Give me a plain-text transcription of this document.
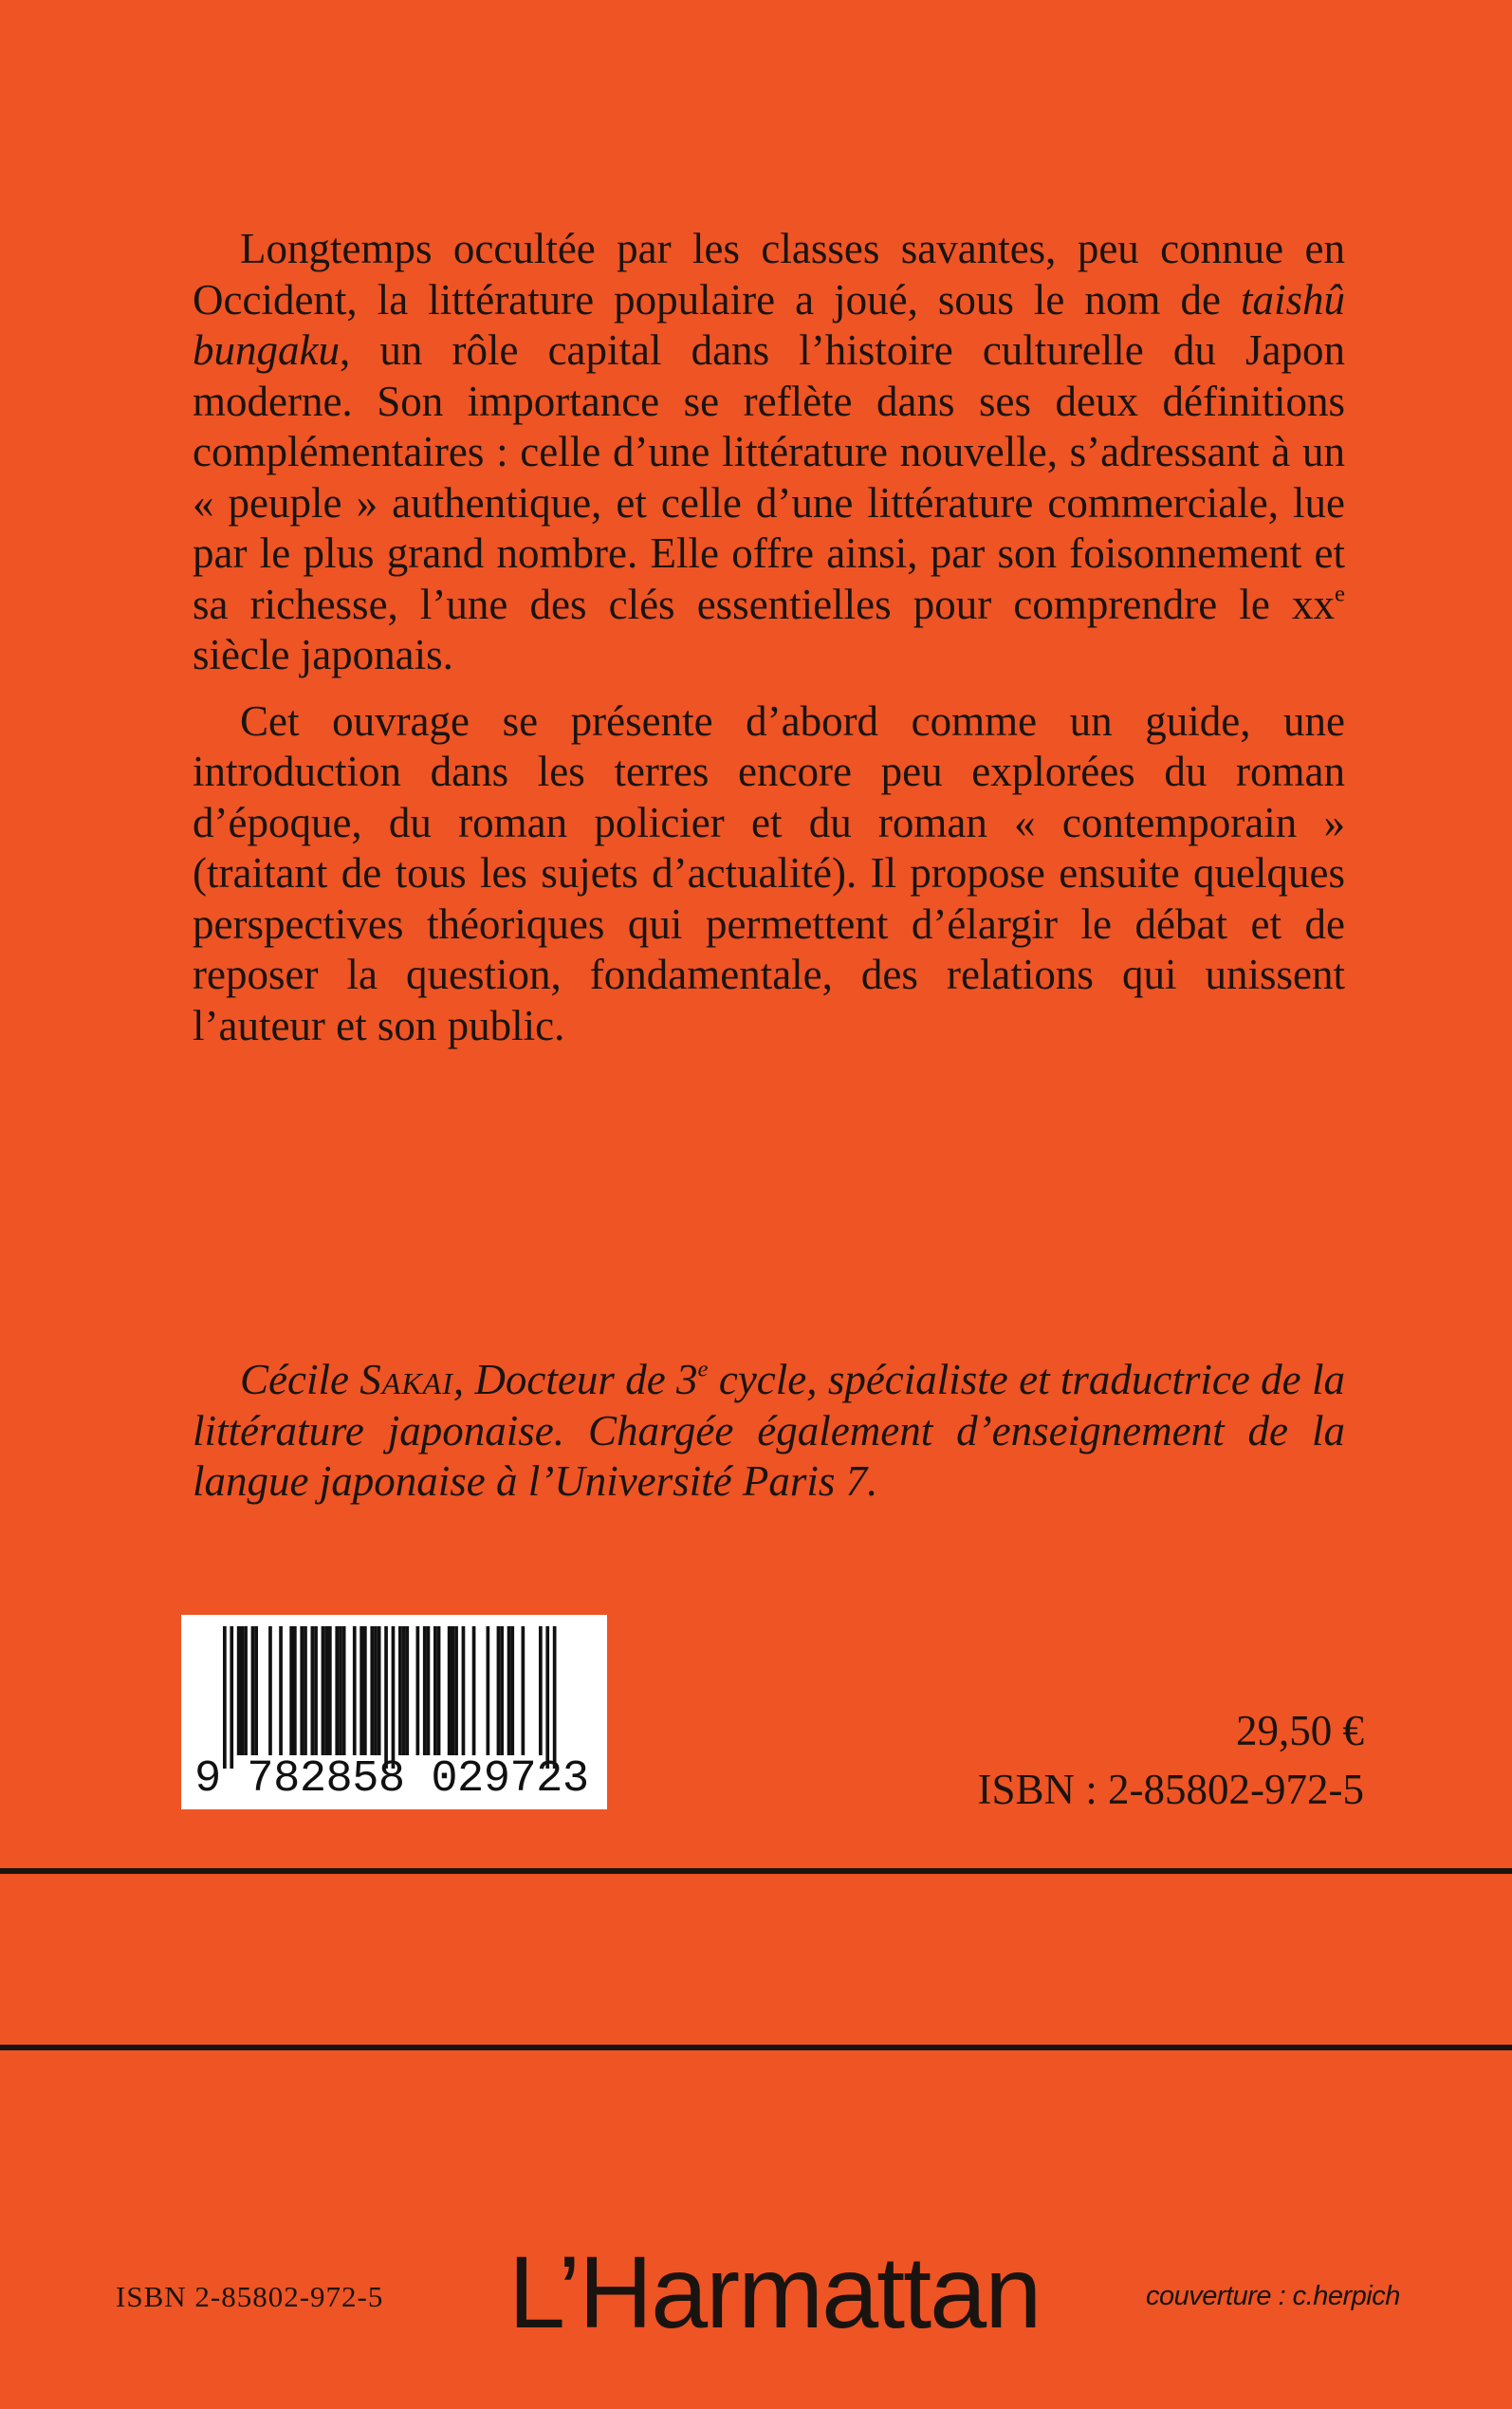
Longtemps occultée par les classes savantes, peu connue en Occident, la littérature populaire a joué, sous le nom de taishû bungaku, un rôle capital dans l’histoire culturelle du Japon moderne. Son importance se reflète dans ses deux définitions complémentaires : celle d’une littérature nouvelle, s’adressant à un « peuple » authentique, et celle d’une littérature commerciale, lue par le plus grand nombre. Elle offre ainsi, par son foisonnement et sa richesse, l’une des clés essentielles pour comprendre le $xx^e$ siècle japonais.

Cet ouvrage se présente d’abord comme un guide, une introduction dans les terres encore peu explorées du roman d’époque, du roman policier et du roman « contemporain » (traitant de tous les sujets d’actualité). Il propose ensuite quelques perspectives théoriques qui permettent d’élargir le débat et de reposer la question, fondamentale, des relations qui unissent l’auteur et son public.

Cécile Sakai, Docteur de 3e cycle, spécialiste et traductrice de la littérature japonaise. Chargée également d’enseignement de la langue japonaise à l’Université Paris 7.

9 782858 029723
29,50 €
ISBN : 2-85802-972-5
ISBN 2-85802-972-5 L’Harmattan	couverture : c.herpich
